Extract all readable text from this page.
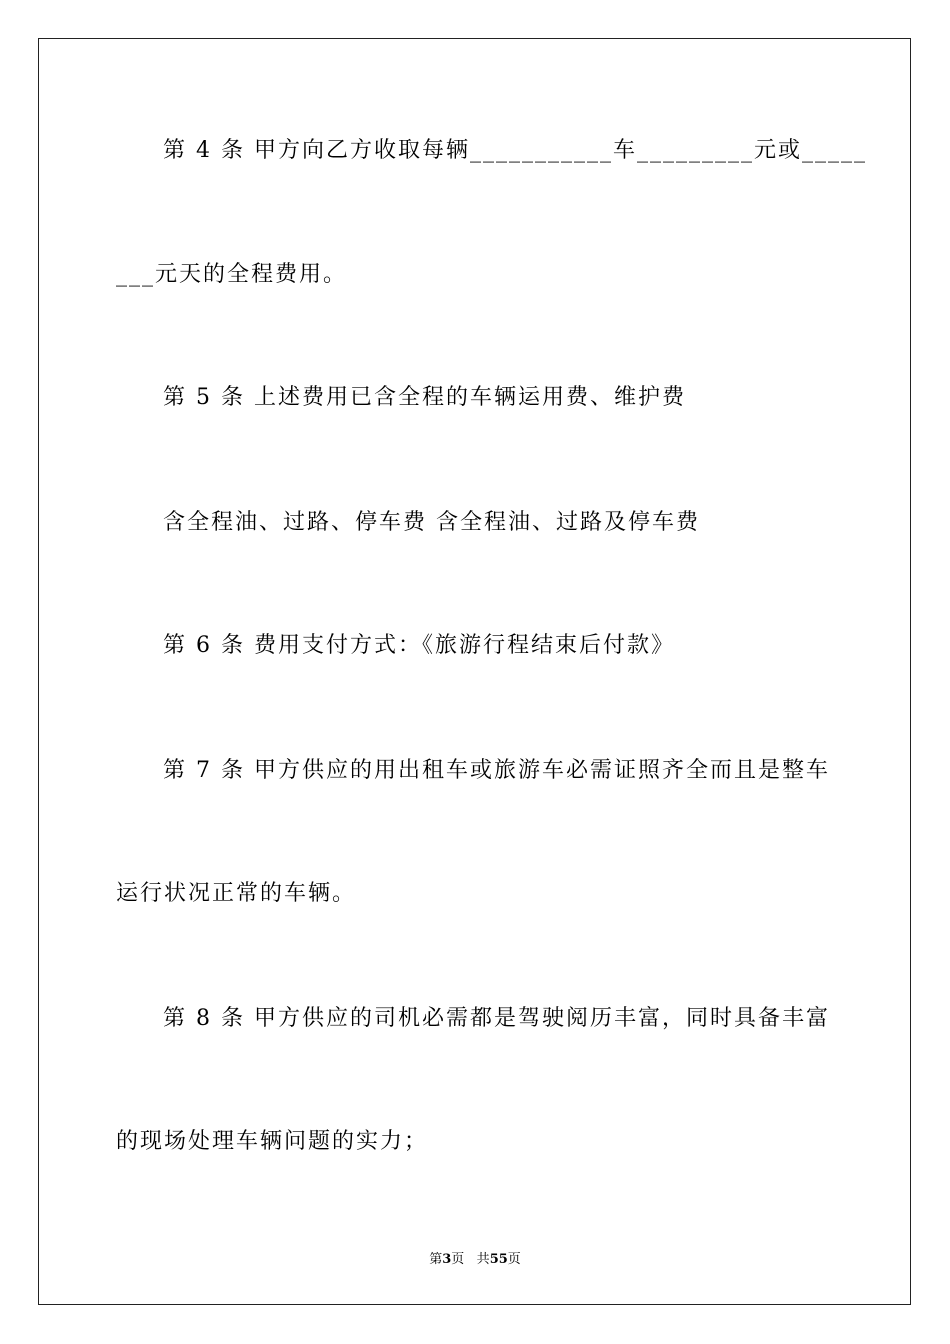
第 4 条 甲方向乙方收取每辆___________车_________元或_____
___元天的全程费用。
第 5 条 上述费用已含全程的车辆运用费、维护费
含全程油、过路、停车费 含全程油、过路及停车费
第 6 条 费用支付方式：《旅游行程结束后付款》
第 7 条 甲方供应的用出租车或旅游车必需证照齐全而且是整车
运行状况正常的车辆。
第 8 条 甲方供应的司机必需都是驾驶阅历丰富，同时具备丰富
的现场处理车辆问题的实力；
第3页 共55页
